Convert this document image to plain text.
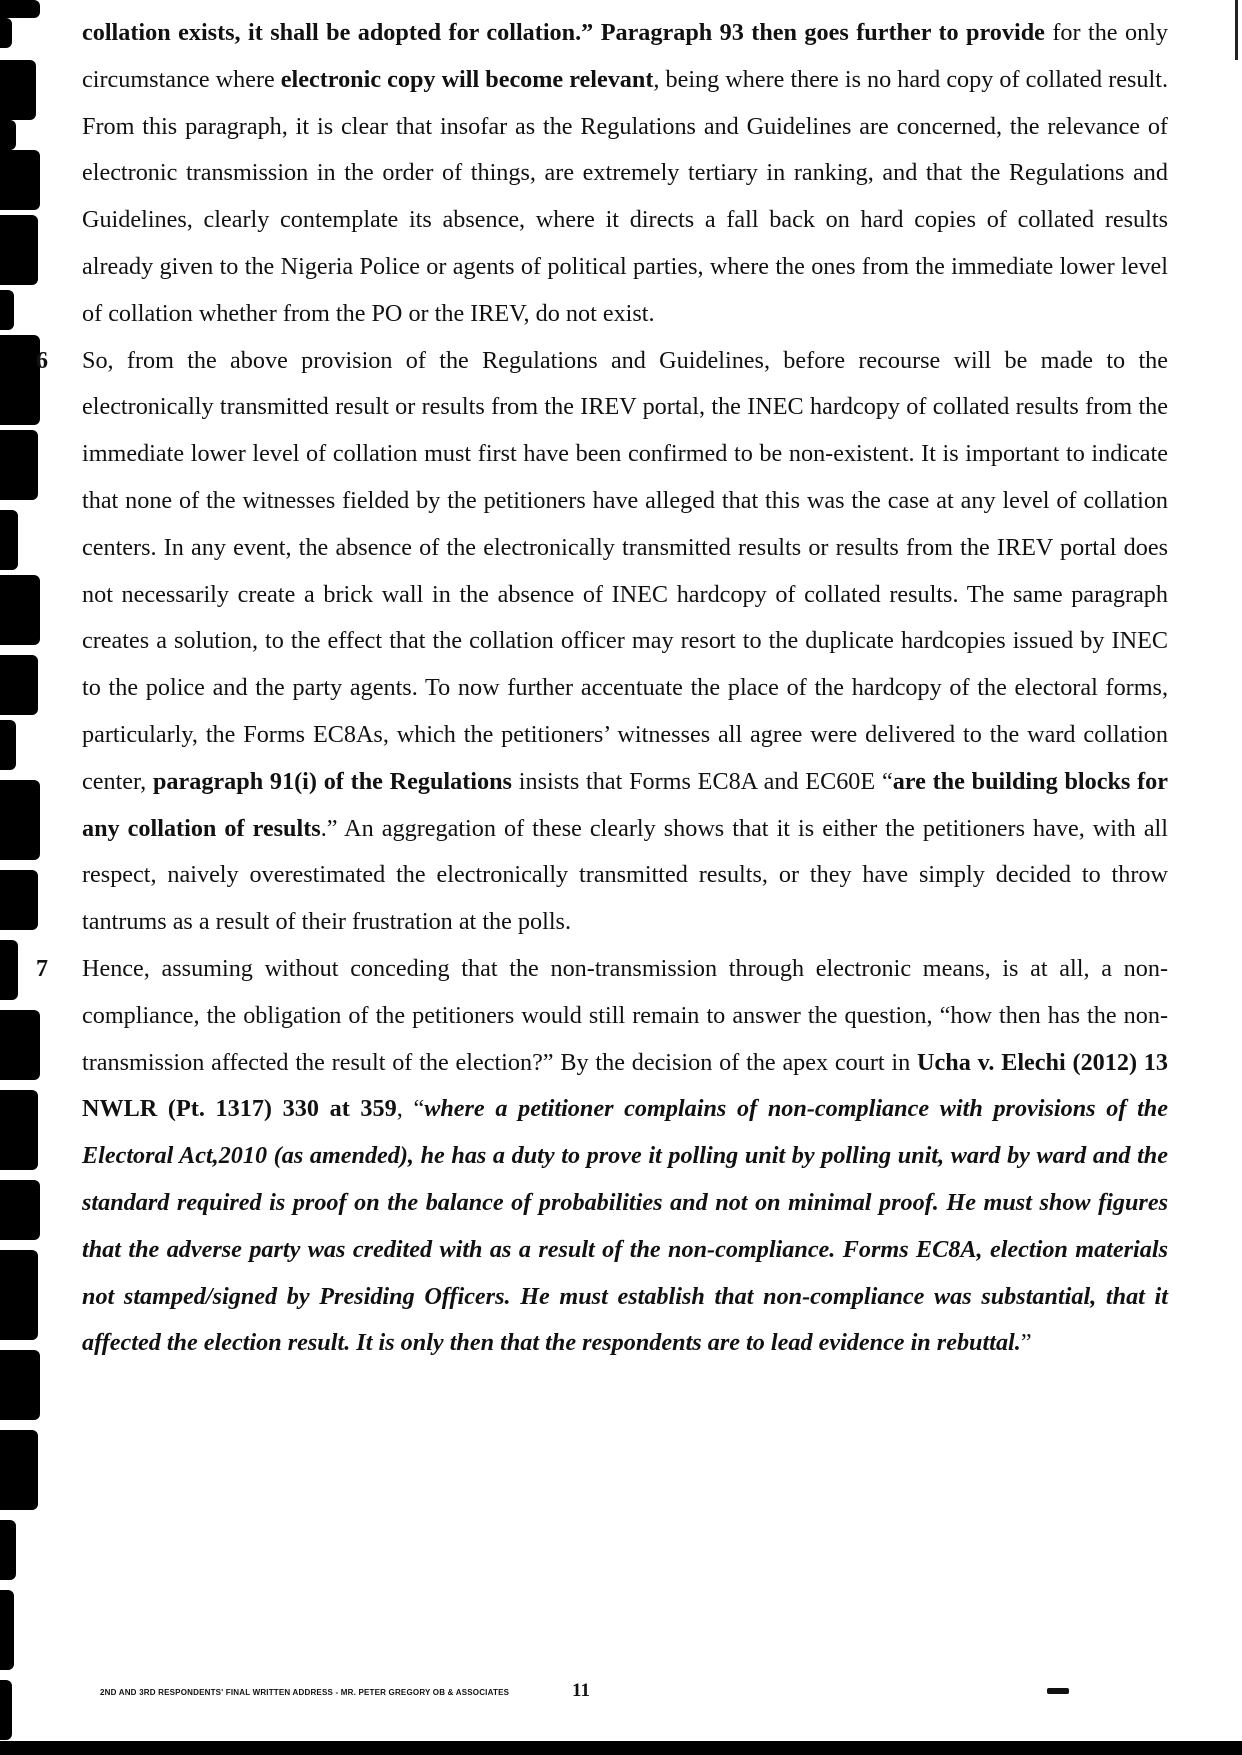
collation exists, it shall be adopted for collation.” Paragraph 93 then goes further to provide for the only circumstance where electronic copy will become relevant, being where there is no hard copy of collated result. From this paragraph, it is clear that insofar as the Regulations and Guidelines are concerned, the relevance of electronic transmission in the order of things, are extremely tertiary in ranking, and that the Regulations and Guidelines, clearly contemplate its absence, where it directs a fall back on hard copies of collated results already given to the Nigeria Police or agents of political parties, where the ones from the immediate lower level of collation whether from the PO or the IREV, do not exist.

6 So, from the above provision of the Regulations and Guidelines, before recourse will be made to the electronically transmitted result or results from the IREV portal, the INEC hardcopy of collated results from the immediate lower level of collation must first have been confirmed to be non-existent. It is important to indicate that none of the witnesses fielded by the petitioners have alleged that this was the case at any level of collation centers. In any event, the absence of the electronically transmitted results or results from the IREV portal does not necessarily create a brick wall in the absence of INEC hardcopy of collated results. The same paragraph creates a solution, to the effect that the collation officer may resort to the duplicate hardcopies issued by INEC to the police and the party agents. To now further accentuate the place of the hardcopy of the electoral forms, particularly, the Forms EC8As, which the petitioners’ witnesses all agree were delivered to the ward collation center, paragraph 91(i) of the Regulations insists that Forms EC8A and EC60E “are the building blocks for any collation of results.” An aggregation of these clearly shows that it is either the petitioners have, with all respect, naively overestimated the electronically transmitted results, or they have simply decided to throw tantrums as a result of their frustration at the polls.

7 Hence, assuming without conceding that the non-transmission through electronic means, is at all, a non-compliance, the obligation of the petitioners would still remain to answer the question, “how then has the non-transmission affected the result of the election?” By the decision of the apex court in Ucha v. Elechi (2012) 13 NWLR (Pt. 1317) 330 at 359, “where a petitioner complains of non-compliance with provisions of the Electoral Act,2010 (as amended), he has a duty to prove it polling unit by polling unit, ward by ward and the standard required is proof on the balance of probabilities and not on minimal proof. He must show figures that the adverse party was credited with as a result of the non-compliance. Forms EC8A, election materials not stamped/signed by Presiding Officers. He must establish that non-compliance was substantial, that it affected the election result. It is only then that the respondents are to lead evidence in rebuttal.”

2ND AND 3RD RESPONDENTS' FINAL WRITTEN ADDRESS - MR. PETER GREGORY OB & ASSOCIATES	11
